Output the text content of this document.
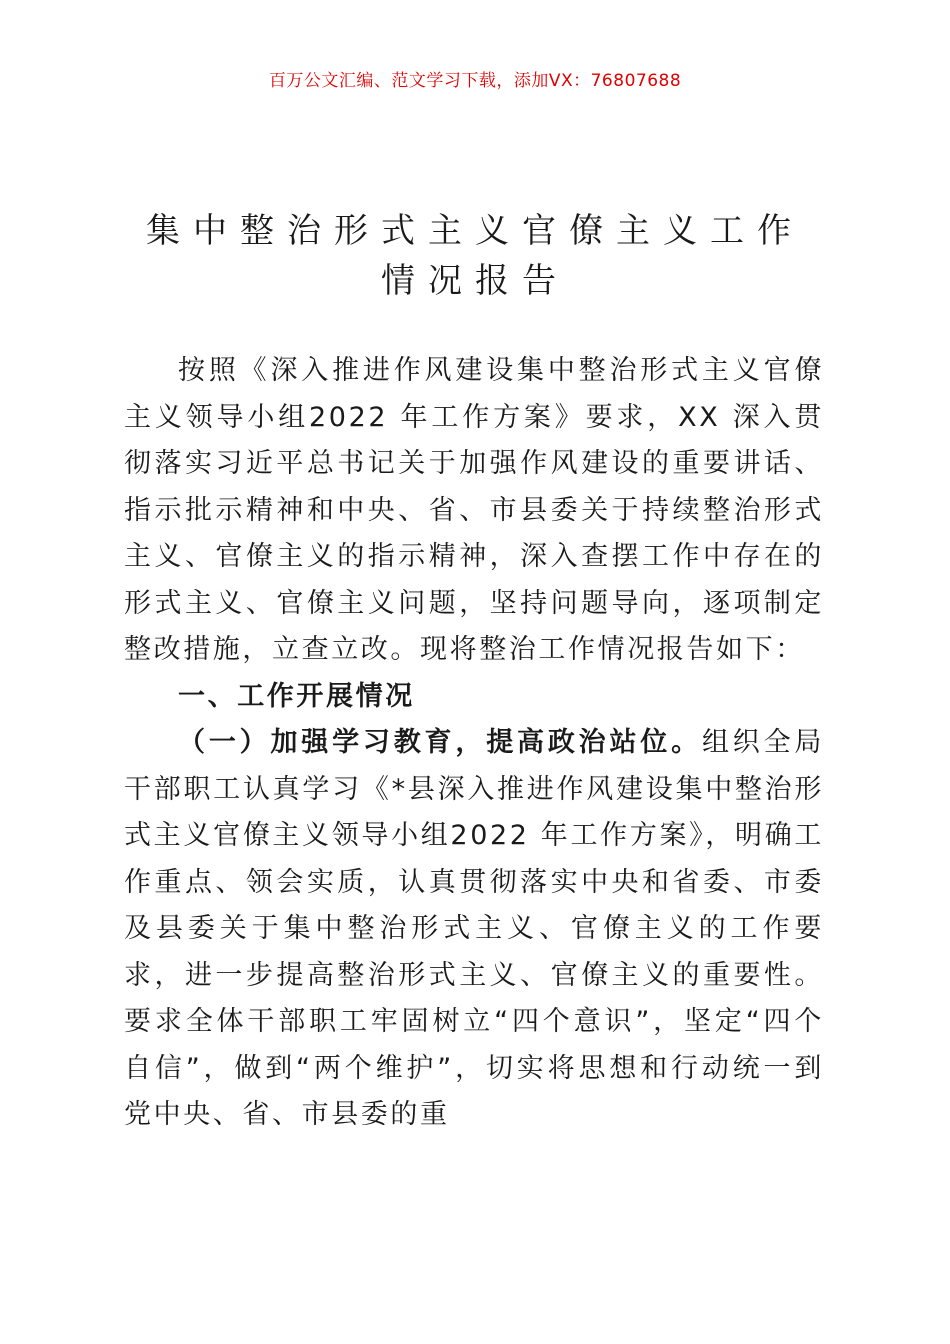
百万公文汇编、范文学习下载，添加VX：76807688
集中整治形式主义官僚主义工作
情况报告

按照《深入推进作风建设集中整治形式主义官僚主义领导小组2022 年工作方案》要求，XX 深入贯彻落实习近平总书记关于加强作风建设的重要讲话、指示批示精神和中央、省、市县委关于持续整治形式主义、官僚主义的指示精神，深入查摆工作中存在的形式主义、官僚主义问题，坚持问题导向，逐项制定整改措施，立查立改。现将整治工作情况报告如下：

一、工作开展情况

（一）加强学习教育，提高政治站位。组织全局干部职工认真学习《*县深入推进作风建设集中整治形式主义官僚主义领导小组2022 年工作方案》，明确工作重点、领会实质，认真贯彻落实中央和省委、市委及县委关于集中整治形式主义、官僚主义的工作要求，进一步提高整治形式主义、官僚主义的重要性。要求全体干部职工牢固树立“四个意识”，坚定“四个自信”，做到“两个维护”，切实将思想和行动统一到党中央、省、市县委的重
